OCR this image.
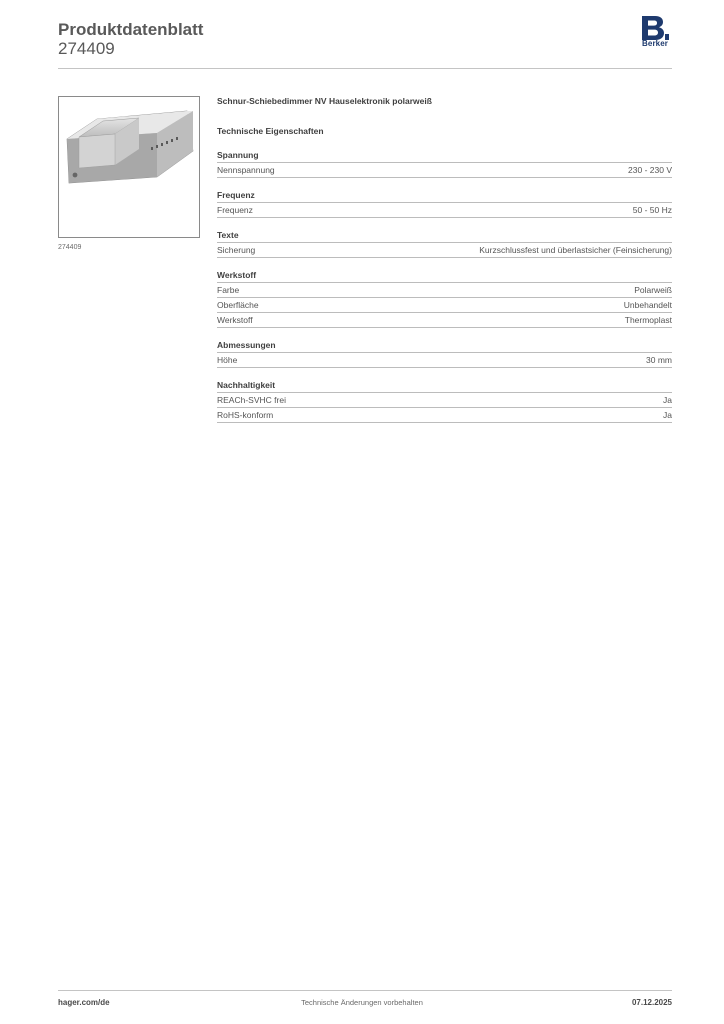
Produktdatenblatt
274409	Berker
274409
Schnur-Schiebedimmer NV Hauselektronik polarweiß
Technische Eigenschaften
Spannung
Nennspannung	230 - 230 V
Frequenz
Frequenz	50 - 50 Hz
Texte
Sicherung	Kurzschlussfest und überlastsicher (Feinsicherung)
Werkstoff
Farbe	Polarweiß
Oberfläche	Unbehandelt
Werkstoff	Thermoplast
Abmessungen
Höhe	30 mm
Nachhaltigkeit
REACh-SVHC frei	Ja
RoHS-konform	Ja
hager.com/de	Technische Änderungen vorbehalten	07.12.2025
